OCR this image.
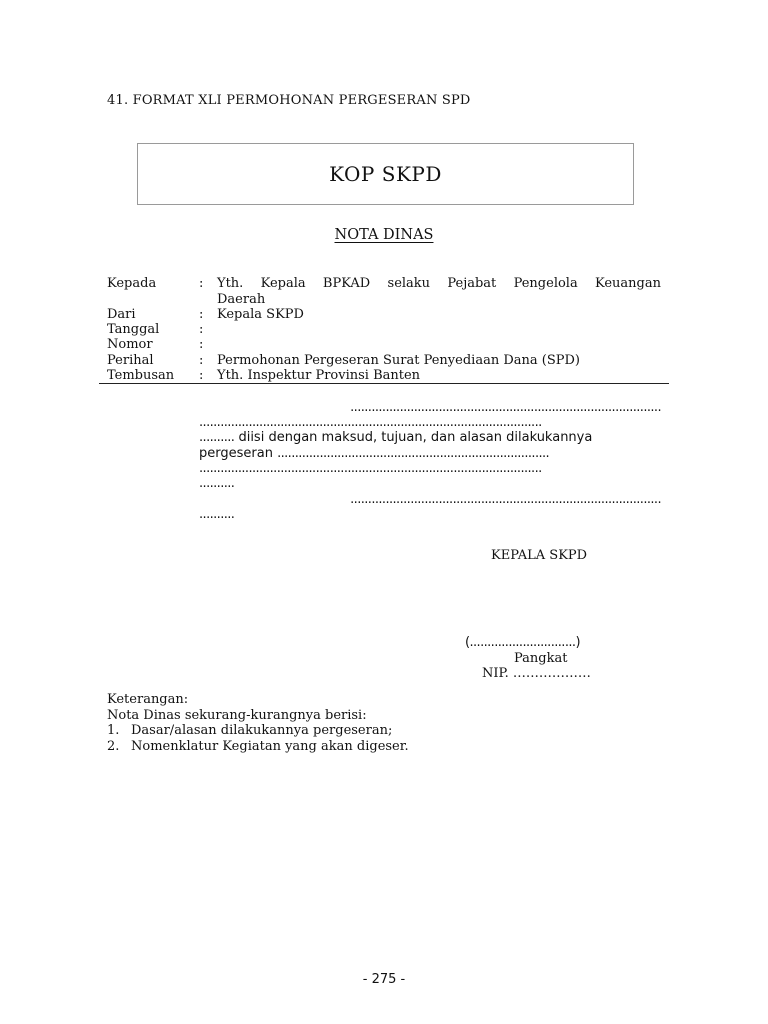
41. FORMAT XLI PERMOHONAN PERGESERAN SPD
KOP SKPD
NOTA DINAS
Kepada	: Yth. Kepala BPKAD selaku Pejabat Pengelola Keuangan
Daerah
Dari	: Kepala SKPD
Tanggal	:
Nomor	:
Perihal	: Permohonan Pergeseran Surat Penyediaan Dana (SPD)
Tembusan	: Yth. Inspektur Provinsi Banten
........................................................................................
.................................................................................................
.......... diisi dengan maksud, tujuan, dan alasan dilakukannya
pergeseran .............................................................................
.................................................................................................
..........
........................................................................................
..........
KEPALA SKPD
(..............................)
Pangkat
NIP. ………………
Keterangan:
Nota Dinas sekurang-kurangnya berisi:
1. Dasar/alasan dilakukannya pergeseran;
2. Nomenklatur Kegiatan yang akan digeser.
- 275 -
